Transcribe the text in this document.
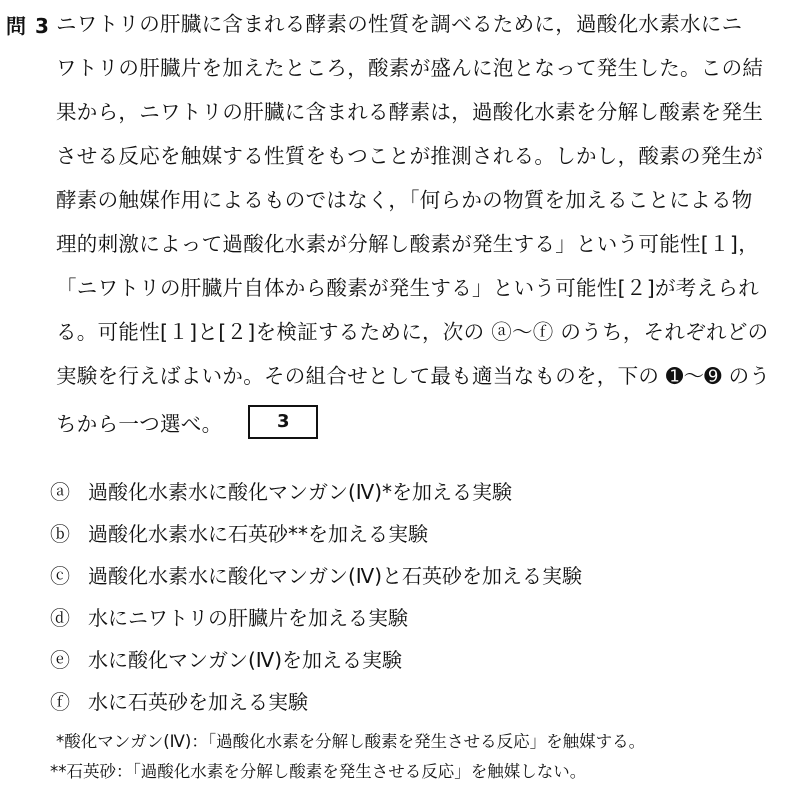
問 3 ニワトリの肝臓に含まれる酵素の性質を調べるために，過酸化水素水にニ
ワトリの肝臓片を加えたところ，酸素が盛んに泡となって発生した。この結
果から，ニワトリの肝臓に含まれる酵素は，過酸化水素を分解し酸素を発生
させる反応を触媒する性質をもつことが推測される。しかし，酸素の発生が
酵素の触媒作用によるものではなく，「何らかの物質を加えることによる物
理的刺激によって過酸化水素が分解し酸素が発生する」という可能性[１]，
「ニワトリの肝臓片自体から酸素が発生する」という可能性[２]が考えられ
る。可能性[１]と[２]を検証するために，次の ⓐ～ⓕ のうち，それぞれどの
実験を行えばよいか。その組合せとして最も適当なものを，下の ➊～➒ のう
ちから一つ選べ。	3
ⓐ 過酸化水素水に酸化マンガン(Ⅳ)*を加える実験
ⓑ 過酸化水素水に石英砂**を加える実験
ⓒ 過酸化水素水に酸化マンガン(Ⅳ)と石英砂を加える実験
ⓓ 水にニワトリの肝臓片を加える実験
ⓔ 水に酸化マンガン(Ⅳ)を加える実験
ⓕ 水に石英砂を加える実験
*酸化マンガン(Ⅳ)：「過酸化水素を分解し酸素を発生させる反応」を触媒する。
**石英砂：「過酸化水素を分解し酸素を発生させる反応」を触媒しない。
